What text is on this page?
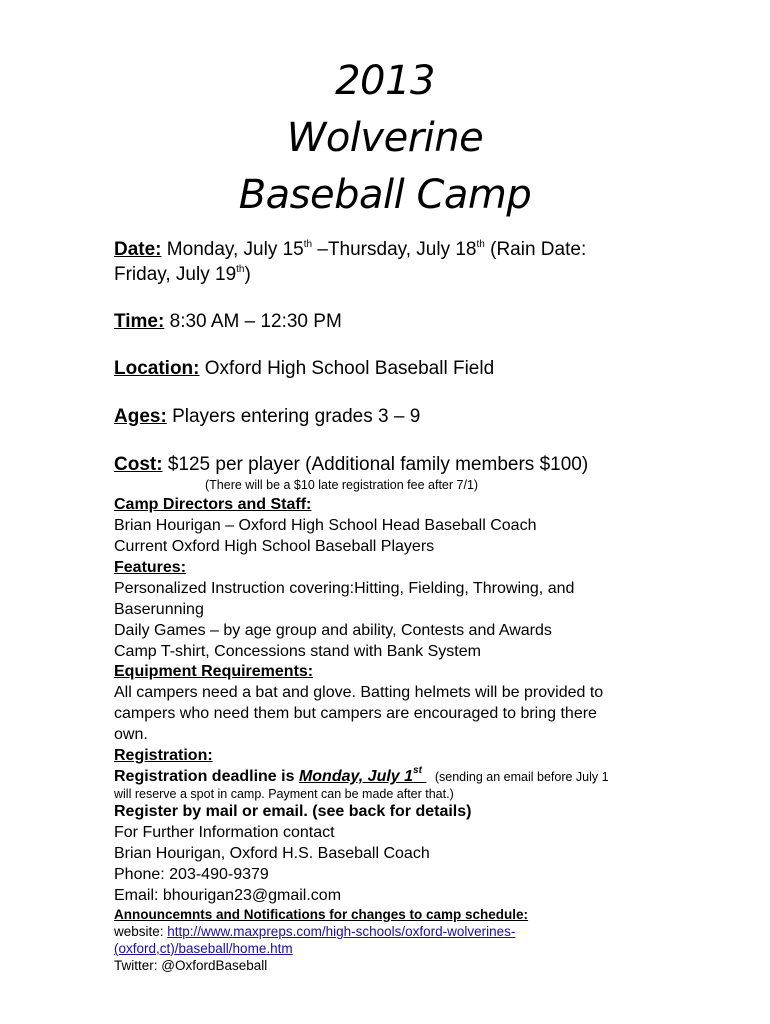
2013
Wolverine
Baseball Camp
Date: Monday, July 15th –Thursday, July 18th (Rain Date:
Friday, July 19th)
Time: 8:30 AM – 12:30 PM
Location: Oxford High School Baseball Field
Ages: Players entering grades 3 – 9
Cost: $125 per player (Additional family members $100)
(There will be a $10 late registration fee after 7/1)
Camp Directors and Staff:
Brian Hourigan – Oxford High School Head Baseball Coach
Current Oxford High School Baseball Players
Features:
Personalized Instruction covering:Hitting, Fielding, Throwing, and
Baserunning
Daily Games – by age group and ability, Contests and Awards
Camp T-shirt, Concessions stand with Bank System
Equipment Requirements:
All campers need a bat and glove. Batting helmets will be provided to
campers who need them but campers are encouraged to bring there
own.
Registration:
Registration deadline is Monday, July 1st (sending an email before July 1
will reserve a spot in camp. Payment can be made after that.)
Register by mail or email. (see back for details)
For Further Information contact
Brian Hourigan, Oxford H.S. Baseball Coach
Phone: 203-490-9379
Email: bhourigan23@gmail.com
Announcemnts and Notifications for changes to camp schedule:
website: http://www.maxpreps.com/high-schools/oxford-wolverines-
(oxford,ct)/baseball/home.htm
Twitter: @OxfordBaseball
